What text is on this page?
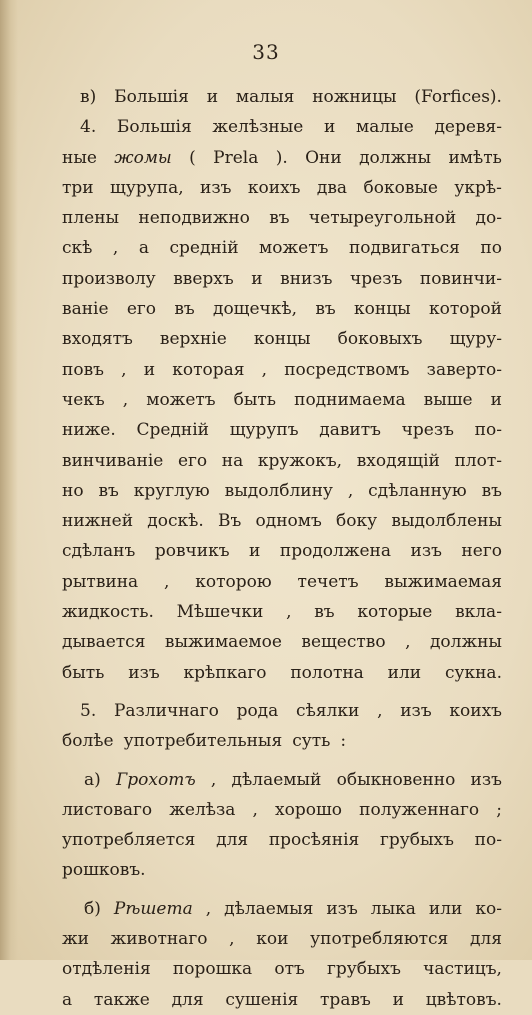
33
в) Большія и малыя ножницы (Forfices).
4. Большія желѣзные и малые деревя-
ные жомы ( Prela ). Они должны имѣть
три щурупа, изъ коихъ два боковые укрѣ-
плены неподвижно въ четыреугольной до-
скѣ , а средній можетъ подвигаться по
произволу вверхъ и внизъ чрезъ повинчи-
ваніе его въ дощечкѣ, въ концы которой
входятъ верхніе концы боковыхъ щуру-
повъ , и которая , посредствомъ завертo-
чекъ , можетъ быть поднимаема выше и
ниже. Средній щурупъ давитъ чрезъ по-
винчиваніе его на кружокъ, входящій плот-
но въ круглую выдолблину , сдѣланную въ
нижней доскѣ. Въ одномъ боку выдолблены
сдѣланъ ровчикъ и продолжена изъ него
рытвина , которою течетъ выжимаемая
жидкость. Мѣшечки , въ которые вкла-
дывается выжимаемое вещество , должны
быть изъ крѣпкаго полотна или сукна.
5. Различнаго рода сѣялки , изъ коихъ
болѣе употребительныя суть :
а) Грохотъ , дѣлаемый обыкновенно изъ
листоваго желѣза , хорошо полуженнаго ;
употребляется для просѣянія грубыхъ по-
рошковъ.
б) Рѣшета , дѣлаемыя изъ лыка или ко-
жи животнаго , кои употребляются для
отдѣленія порошка отъ грубыхъ частицъ,
а также для сушенія травъ и цвѣтовъ.
